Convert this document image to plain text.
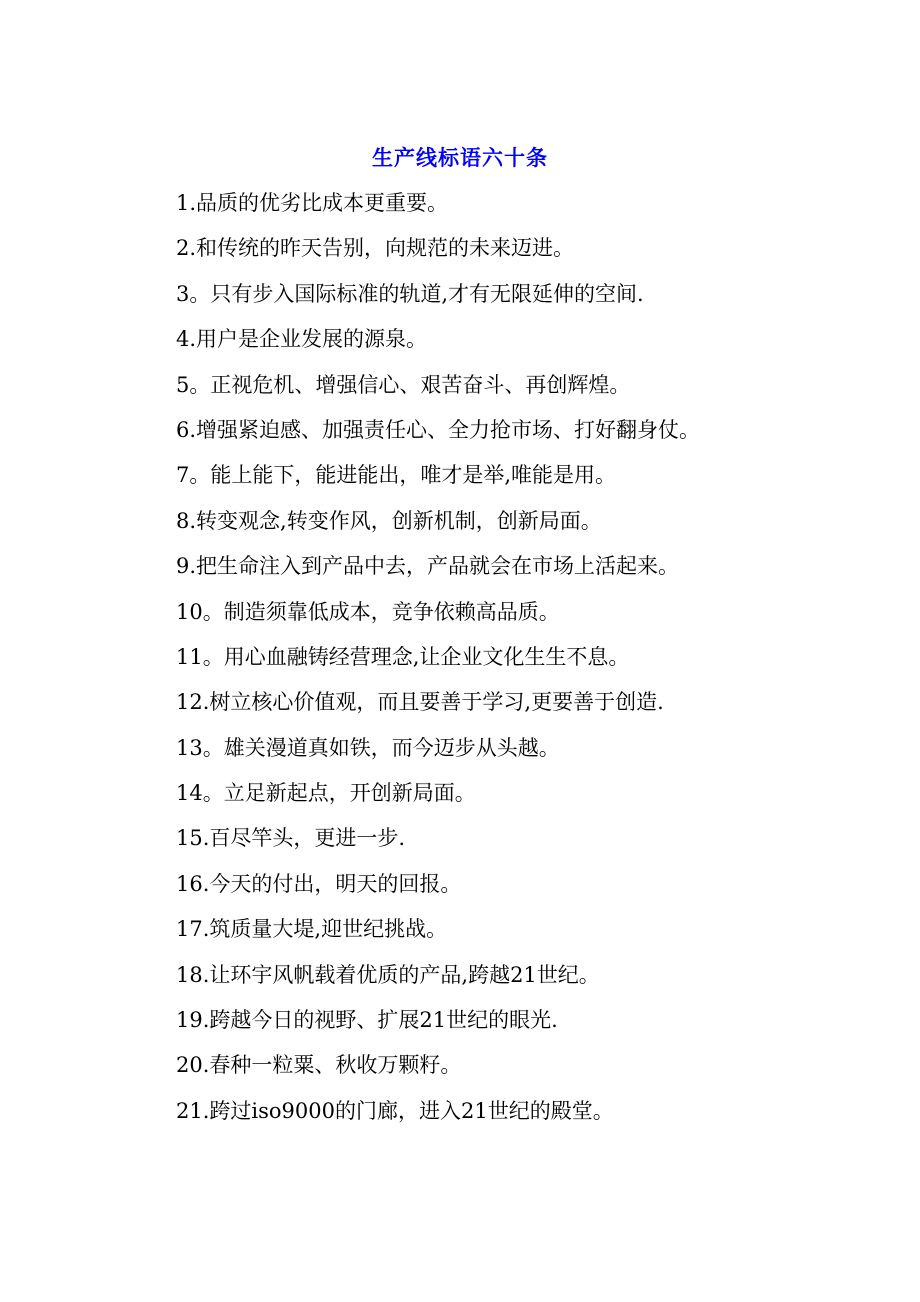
生产线标语六十条
1.品质的优劣比成本更重要。
2.和传统的昨天告别，向规范的未来迈进。
3。只有步入国际标准的轨道,才有无限延伸的空间.
4.用户是企业发展的源泉。
5。正视危机、增强信心、艰苦奋斗、再创辉煌。
6.增强紧迫感、加强责任心、全力抢市场、打好翻身仗。
7。能上能下，能进能出，唯才是举,唯能是用。
8.转变观念,转变作风，创新机制，创新局面。
9.把生命注入到产品中去，产品就会在市场上活起来。
10。制造须靠低成本，竞争依赖高品质。
11。用心血融铸经营理念,让企业文化生生不息。
12.树立核心价值观，而且要善于学习,更要善于创造.
13。雄关漫道真如铁，而今迈步从头越。
14。立足新起点，开创新局面。
15.百尽竿头，更进一步.
16.今天的付出，明天的回报。
17.筑质量大堤,迎世纪挑战。
18.让环宇风帆载着优质的产品,跨越21世纪。
19.跨越今日的视野、扩展21世纪的眼光.
20.春种一粒粟、秋收万颗籽。
21.跨过iso9000的门廊，进入21世纪的殿堂。
